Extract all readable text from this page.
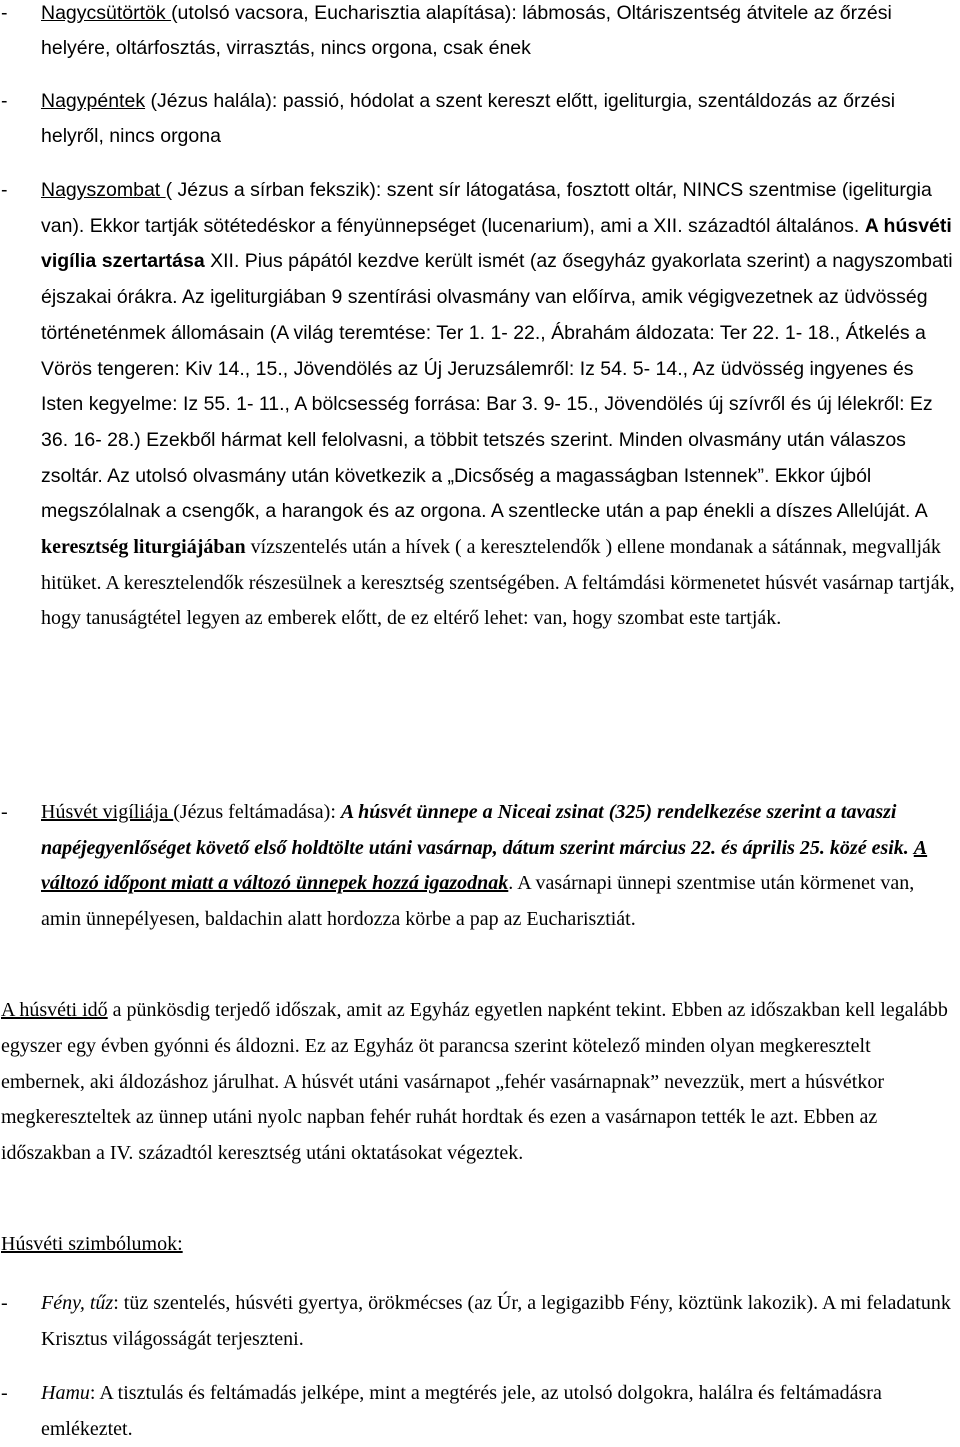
- Nagycsütörtök (utolsó vacsora, Eucharisztia alapítása): lábmosás, Oltáriszentség átvitele az őrzési helyére, oltárfosztás, virrasztás, nincs orgona, csak ének

- Nagypéntek (Jézus halála): passió, hódolat a szent kereszt előtt, igeliturgia, szentáldozás az őrzési helyről, nincs orgona

- Nagyszombat ( Jézus a sírban fekszik): szent sír látogatása, fosztott oltár, NINCS szentmise (igeliturgia van). Ekkor tartják sötétedéskor a fényünnepséget (lucenarium), ami a XII. századtól általános. A húsvéti vigília szertartása XII. Pius pápától kezdve került ismét (az ősegyház gyakorlata szerint) a nagyszombati éjszakai órákra. Az igeliturgiában 9 szentírási olvasmány van előírva, amik végigvezetnek az üdvösség történeténmek állomásain (A világ teremtése: Ter 1. 1- 22., Ábrahám áldozata: Ter 22. 1- 18., Átkelés a Vörös tengeren: Kiv 14., 15., Jövendölés az Új Jeruzsálemről: Iz 54. 5- 14., Az üdvösség ingyenes és Isten kegyelme: Iz 55. 1- 11., A bölcsesség forrása: Bar 3. 9- 15., Jövendölés új szívről és új lélekről: Ez 36. 16- 28.) Ezekből hármat kell felolvasni, a többit tetszés szerint. Minden olvasmány után válaszos zsoltár. Az utolsó olvasmány után következik a „Dicsőség a magasságban Istennek”. Ekkor újból megszólalnak a csengők, a harangok és az orgona. A szentlecke után a pap énekli a díszes Allelúját. A keresztség liturgiájában vízszentelés után a hívek ( a keresztelendők ) ellene mondanak a sátánnak, megvallják hitüket. A keresztelendők részesülnek a keresztség szentségében. A feltámdási körmenetet húsvét vasárnap tartják, hogy tanuságtétel legyen az emberek előtt, de ez eltérő lehet: van, hogy szombat este tartják.
- Húsvét vigíliája (Jézus feltámadása): A húsvét ünnepe a Niceai zsinat (325) rendelkezése szerint a tavaszi napéjegyenlőséget követő első holdtölte utáni vasárnap, dátum szerint március 22. és április 25. közé esik. A változó időpont miatt a változó ünnepek hozzá igazodnak. A vasárnapi ünnepi szentmise után körmenet van, amin ünnepélyesen, baldachin alatt hordozza körbe a pap az Eucharisztiát.

A húsvéti idő a pünkösdig terjedő időszak, amit az Egyház egyetlen napként tekint. Ebben az időszakban kell legalább egyszer egy évben gyónni és áldozni. Ez az Egyház öt parancsa szerint kötelező minden olyan megkeresztelt embernek, aki áldozáshoz járulhat. A húsvét utáni vasárnapot „fehér vasárnapnak” nevezzük, mert a húsvétkor megkereszteltek az ünnep utáni nyolc napban fehér ruhát hordtak és ezen a vasárnapon tették le azt. Ebben az időszakban a IV. századtól keresztség utáni oktatásokat végeztek.

Húsvéti szimbólumok:

- Fény, tűz: tüz szentelés, húsvéti gyertya, örökmécses (az Úr, a legigazibb Fény, köztünk lakozik). A mi feladatunk Krisztus világosságát terjeszteni.

- Hamu: A tisztulás és feltámadás jelképe, mint a megtérés jele, az utolsó dolgokra, halálra és feltámadásra emlékeztet.
